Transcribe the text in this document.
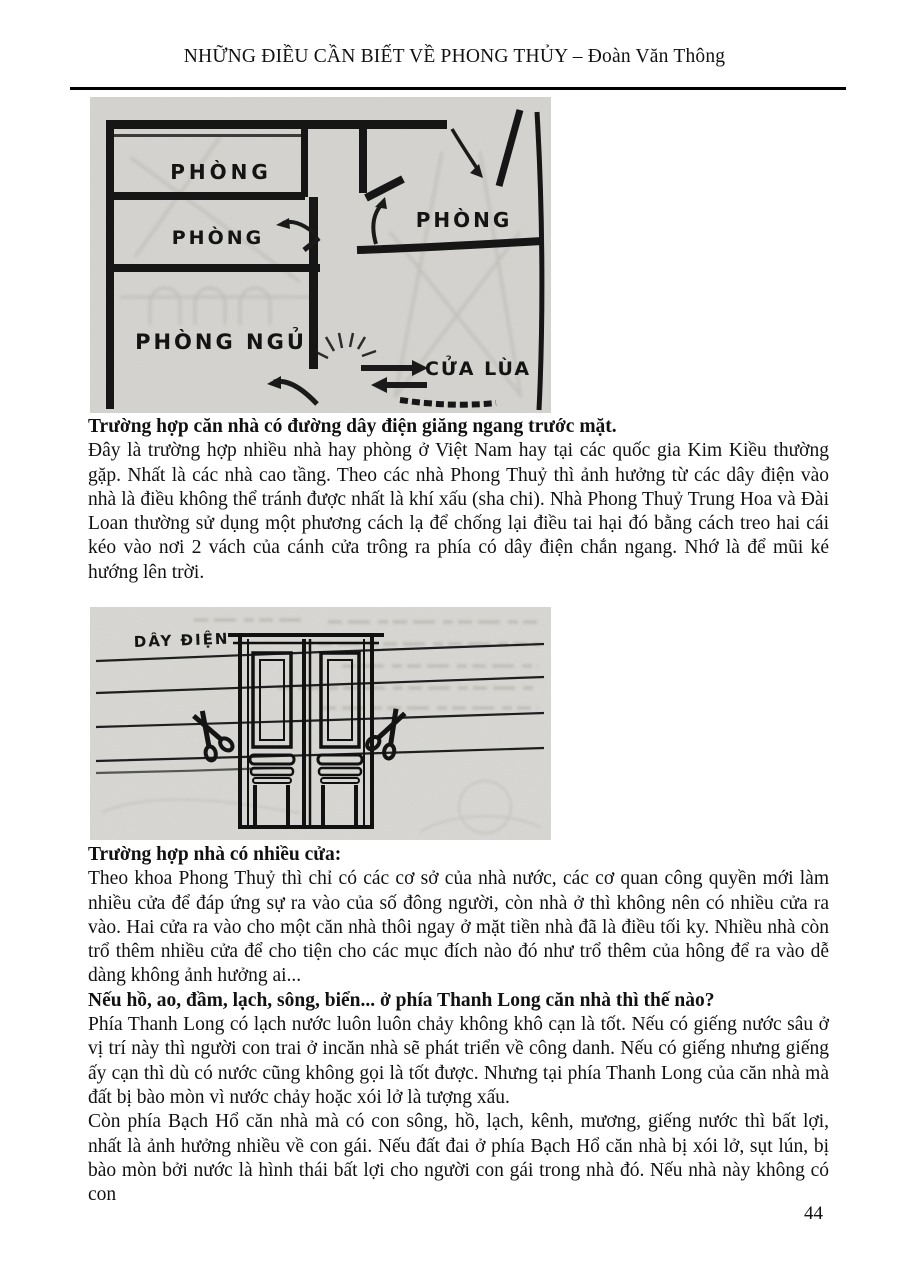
NHỮNG ĐIỀU CẦN BIẾT VỀ PHONG THỦY – Đoàn Văn Thông
PHÒNG
PHÒNG
PHÒNG NGỦ
PHÒNG
CỬA LÙA
Trường hợp căn nhà có đường dây điện giăng ngang trước mặt.

Đây là trường hợp nhiều nhà hay phòng ở Việt Nam hay tại các quốc gia Kim Kiều thường gặp. Nhất là các nhà cao tầng. Theo các nhà Phong Thuỷ thì ảnh hưởng từ các dây điện vào nhà là điều không thể tránh được nhất là khí xấu (sha chi). Nhà Phong Thuỷ Trung Hoa và Đài Loan thường sử dụng một phương cách lạ để chống lại điều tai hại đó bằng cách treo hai cái kéo vào nơi 2 vách của cánh cửa trông ra phía có dây điện chắn ngang. Nhớ là để mũi ké hướng lên trời.

DÂY ĐIỆN
Trường hợp nhà có nhiều cửa:

Theo khoa Phong Thuỷ thì chỉ có các cơ sở của nhà nước, các cơ quan công quyền mới làm nhiều cửa để đáp ứng sự ra vào của số đông người, còn nhà ở thì không nên có nhiều cửa ra vào. Hai cửa ra vào cho một căn nhà thôi ngay ở mặt tiền nhà đã là điều tối ky. Nhiều nhà còn trổ thêm nhiều cửa để cho tiện cho các mục đích nào đó như trổ thêm của hông để ra vào dễ dàng không ảnh hưởng ai...

Nếu hồ, ao, đầm, lạch, sông, biển... ở phía Thanh Long căn nhà thì thế nào?

Phía Thanh Long có lạch nước luôn luôn chảy không khô cạn là tốt. Nếu có giếng nước sâu ở vị trí này thì người con trai ở incăn nhà sẽ phát triển về công danh. Nếu có giếng nhưng giếng ấy cạn thì dù có nước cũng không gọi là tốt được. Nhưng tại phía Thanh Long của căn nhà mà đất bị bào mòn vì nước chảy hoặc xói lở là tượng xấu.

Còn phía Bạch Hổ căn nhà mà có con sông, hồ, lạch, kênh, mương, giếng nước thì bất lợi, nhất là ảnh hưởng nhiều về con gái. Nếu đất đai ở phía Bạch Hổ căn nhà bị xói lở, sụt lún, bị bào mòn bởi nước là hình thái bất lợi cho người con gái trong nhà đó. Nếu nhà này không có con

44
